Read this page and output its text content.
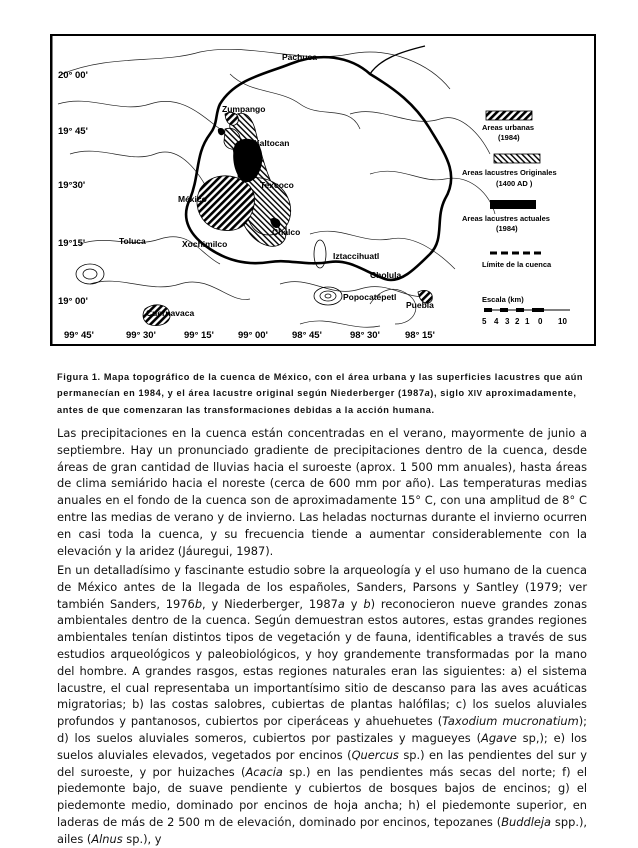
20° 00'
19° 45'
19°30'
19°15'
19° 00'
99° 45'	99° 30'	99° 15'	99° 00'	98° 45'	98° 30'	98° 15'
Pachuca
Zumpango
Xaltocan
Texcoco
México
Chalco
Xochimilco
Toluca
Iztaccihuatl
Cholula
Popocatépetl
Puebla
Cuernavaca
Areas urbanas
(1984)
Areas lacustres Originales
(1400 AD )
Areas lacustres actuales
(1984)
Límite de la cuenca
Escala (km)
5 4 3 2 1 0 10

Figura 1. Mapa topográfico de la cuenca de México, con el área urbana y las superficies lacustres que aún permanecían en 1984, y el área lacustre original según Niederberger (1987a), siglo XIV aproximadamente, antes de que comenzaran las transformaciones debidas a la acción humana.

Las precipitaciones en la cuenca están concentradas en el verano, mayormente de junio a septiembre. Hay un pronunciado gradiente de precipitaciones dentro de la cuenca, desde áreas de gran cantidad de lluvias hacia el suroeste (aprox. 1 500 mm anuales), hasta áreas de clima semiárido hacia el noreste (cerca de 600 mm por año). Las temperaturas medias anuales en el fondo de la cuenca son de aproximadamente 15° C, con una amplitud de 8° C entre las medias de verano y de invierno. Las heladas nocturnas durante el invierno ocurren en casi toda la cuenca, y su frecuencia tiende a aumentar considerablemente con la elevación y la aridez (Jáuregui, 1987).

En un detalladísimo y fascinante estudio sobre la arqueología y el uso humano de la cuenca de México antes de la llegada de los españoles, Sanders, Parsons y Santley (1979; ver también Sanders, 1976b, y Niederberger, 1987a y b) reconocieron nueve grandes zonas ambientales dentro de la cuenca. Según demuestran estos autores, estas grandes regiones ambientales tenían distintos tipos de vegetación y de fauna, identificables a través de sus estudios arqueológicos y paleobiológicos, y hoy grandemente transformadas por la mano del hombre. A grandes rasgos, estas regiones naturales eran las siguientes: a) el sistema lacustre, el cual representaba un importantísimo sitio de descanso para las aves acuáticas migratorias; b) las costas salobres, cubiertas de plantas halófilas; c) los suelos aluviales profundos y pantanosos, cubiertos por ciperáceas y ahuehuetes (Taxodium mucronatium); d) los suelos aluviales someros, cubiertos por pastizales y magueyes (Agave sp,); e) los suelos aluviales elevados, vegetados por encinos (Quercus sp.) en las pendientes del sur y del suroeste, y por huizaches (Acacia sp.) en las pendientes más secas del norte; f) el piedemonte bajo, de suave pendiente y cubiertos de bosques bajos de encinos; g) el piedemonte medio, dominado por encinos de hoja ancha; h) el piedemonte superior, en laderas de más de 2 500 m de elevación, dominado por encinos, tepozanes (Buddleja spp.), ailes (Alnus sp.), y
